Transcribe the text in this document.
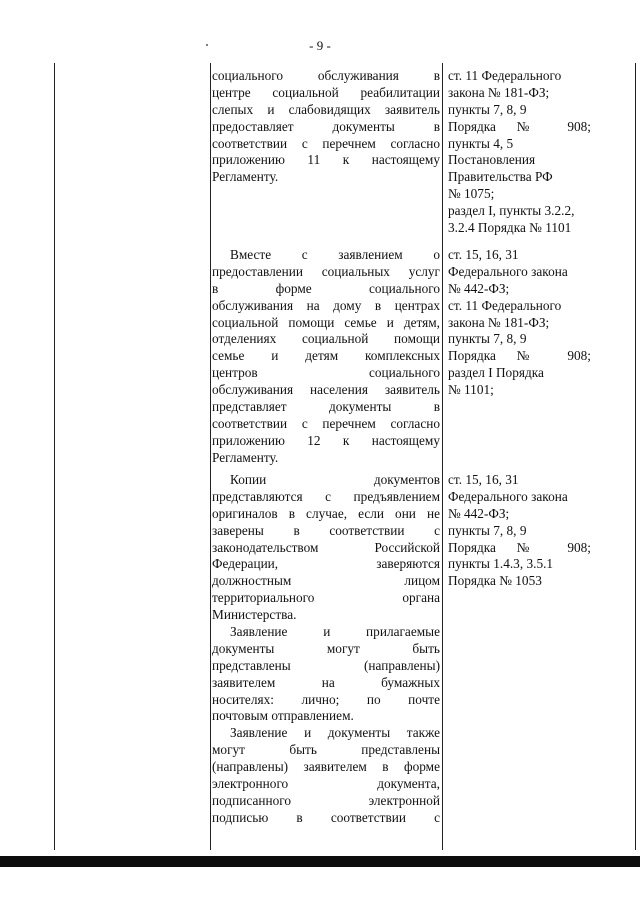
- 9 -
социального обслуживания в
центре социальной реабилитации
слепых и слабовидящих заявитель
предоставляет документы в
соответствии с перечнем согласно
приложению 11 к настоящему
Регламенту.
ст. 11 Федерального
закона № 181-ФЗ;
пункты 7, 8, 9
Порядка № 908;
пункты 4, 5
Постановления
Правительства РФ
№ 1075;
раздел I, пункты 3.2.2,
3.2.4 Порядка № 1101
Вместе с заявлением о
предоставлении социальных услуг
в форме социального
обслуживания на дому в центрах
социальной помощи семье и детям,
отделениях социальной помощи
семье и детям комплексных
центров социального
обслуживания населения заявитель
представляет документы в
соответствии с перечнем согласно
приложению 12 к настоящему
Регламенту.
ст. 15, 16, 31
Федерального закона
№ 442-ФЗ;
ст. 11 Федерального
закона № 181-ФЗ;
пункты 7, 8, 9
Порядка № 908;
раздел I Порядка
№ 1101;
Копии документов
представляются с предъявлением
оригиналов в случае, если они не
заверены в соответствии с
законодательством Российской
Федерации, заверяются
должностным лицом
территориального органа
Министерства.
Заявление и прилагаемые
документы могут быть
представлены (направлены)
заявителем на бумажных
носителях: лично; по почте
почтовым отправлением.
Заявление и документы также
могут быть представлены
(направлены) заявителем в форме
электронного документа,
подписанного электронной
подписью в соответствии с
ст. 15, 16, 31
Федерального закона
№ 442-ФЗ;
пункты 7, 8, 9
Порядка № 908;
пункты 1.4.3, 3.5.1
Порядка № 1053
